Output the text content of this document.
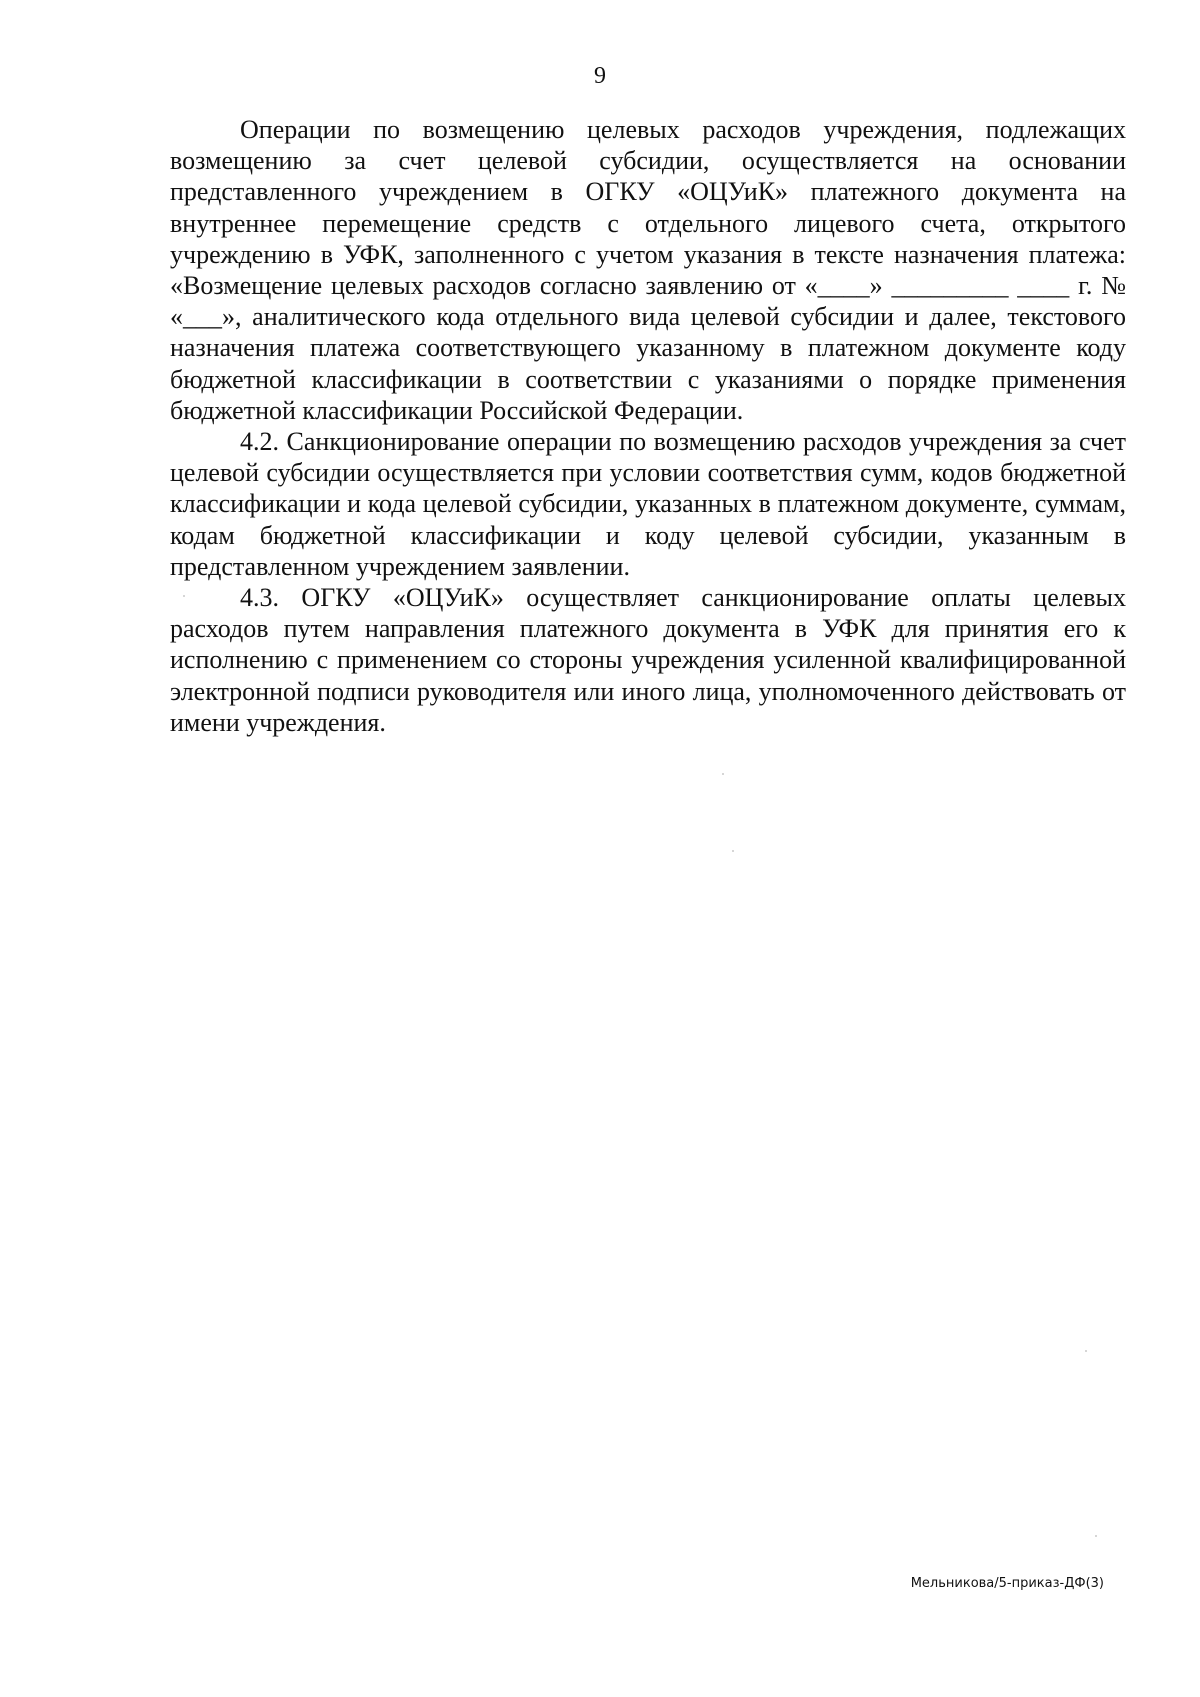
9

Операции по возмещению целевых расходов учреждения, подлежащих возмещению за счет целевой субсидии, осуществляется на основании представленного учреждением в ОГКУ «ОЦУиК» платежного документа на внутреннее перемещение средств с отдельного лицевого счета, открытого учреждению в УФК, заполненного с учетом указания в тексте назначения платежа: «Возмещение целевых расходов согласно заявлению от «____» _________ ____ г. № «___», аналитического кода отдельного вида целевой субсидии и далее, текстового назначения платежа соответствующего указанному в платежном документе коду бюджетной классификации в соответствии с указаниями о порядке применения бюджетной классификации Российской Федерации.

4.2. Санкционирование операции по возмещению расходов учреждения за счет целевой субсидии осуществляется при условии соответствия сумм, кодов бюджетной классификации и кода целевой субсидии, указанных в платежном документе, суммам, кодам бюджетной классификации и коду целевой субсидии, указанным в представленном учреждением заявлении.

4.3. ОГКУ «ОЦУиК» осуществляет санкционирование оплаты целевых расходов путем направления платежного документа в УФК для принятия его к исполнению с применением со стороны учреждения усиленной квалифицированной электронной подписи руководителя или иного лица, уполномоченного действовать от имени учреждения.

Мельникова/5-приказ-ДФ(3)
